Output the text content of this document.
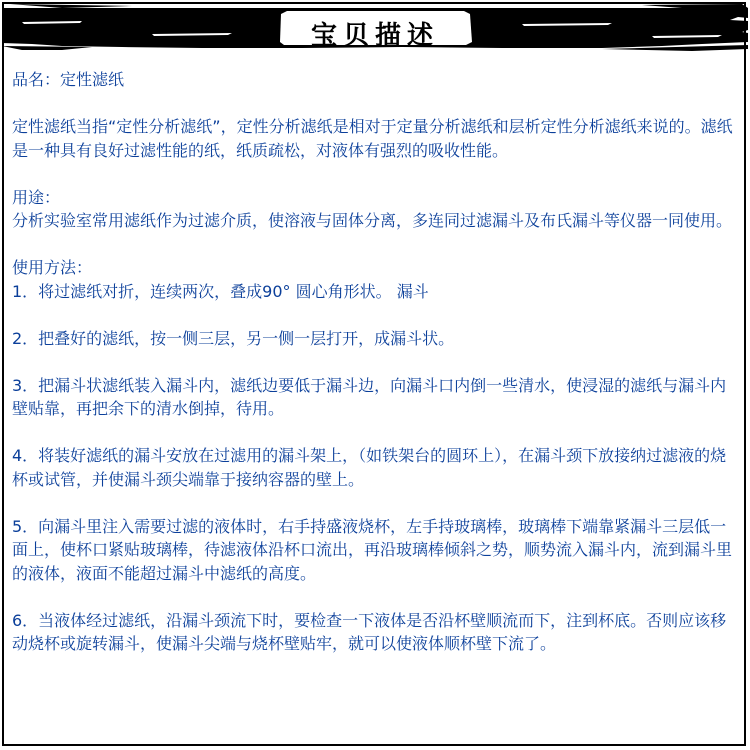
宝贝描述

品名：定性滤纸

定性滤纸当指“定性分析滤纸”，定性分析滤纸是相对于定量分析滤纸和层析定性分析滤纸来说的。滤纸是一种具有良好过滤性能的纸，纸质疏松，对液体有强烈的吸收性能。

用途：

分析实验室常用滤纸作为过滤介质，使溶液与固体分离，多连同过滤漏斗及布氏漏斗等仪器一同使用。

使用方法：

1．将过滤纸对折，连续两次，叠成90° 圆心角形状。 漏斗

2．把叠好的滤纸，按一侧三层，另一侧一层打开，成漏斗状。

3．把漏斗状滤纸装入漏斗内，滤纸边要低于漏斗边，向漏斗口内倒一些清水，使浸湿的滤纸与漏斗内壁贴靠，再把余下的清水倒掉，待用。

4．将装好滤纸的漏斗安放在过滤用的漏斗架上，（如铁架台的圆环上），在漏斗颈下放接纳过滤液的烧杯或试管，并使漏斗颈尖端靠于接纳容器的壁上。

5．向漏斗里注入需要过滤的液体时，右手持盛液烧杯，左手持玻璃棒，玻璃棒下端靠紧漏斗三层低一面上，使杯口紧贴玻璃棒，待滤液体沿杯口流出，再沿玻璃棒倾斜之势，顺势流入漏斗内，流到漏斗里的液体，液面不能超过漏斗中滤纸的高度。

6．当液体经过滤纸，沿漏斗颈流下时，要检查一下液体是否沿杯壁顺流而下，注到杯底。否则应该移动烧杯或旋转漏斗，使漏斗尖端与烧杯壁贴牢，就可以使液体顺杯壁下流了。
